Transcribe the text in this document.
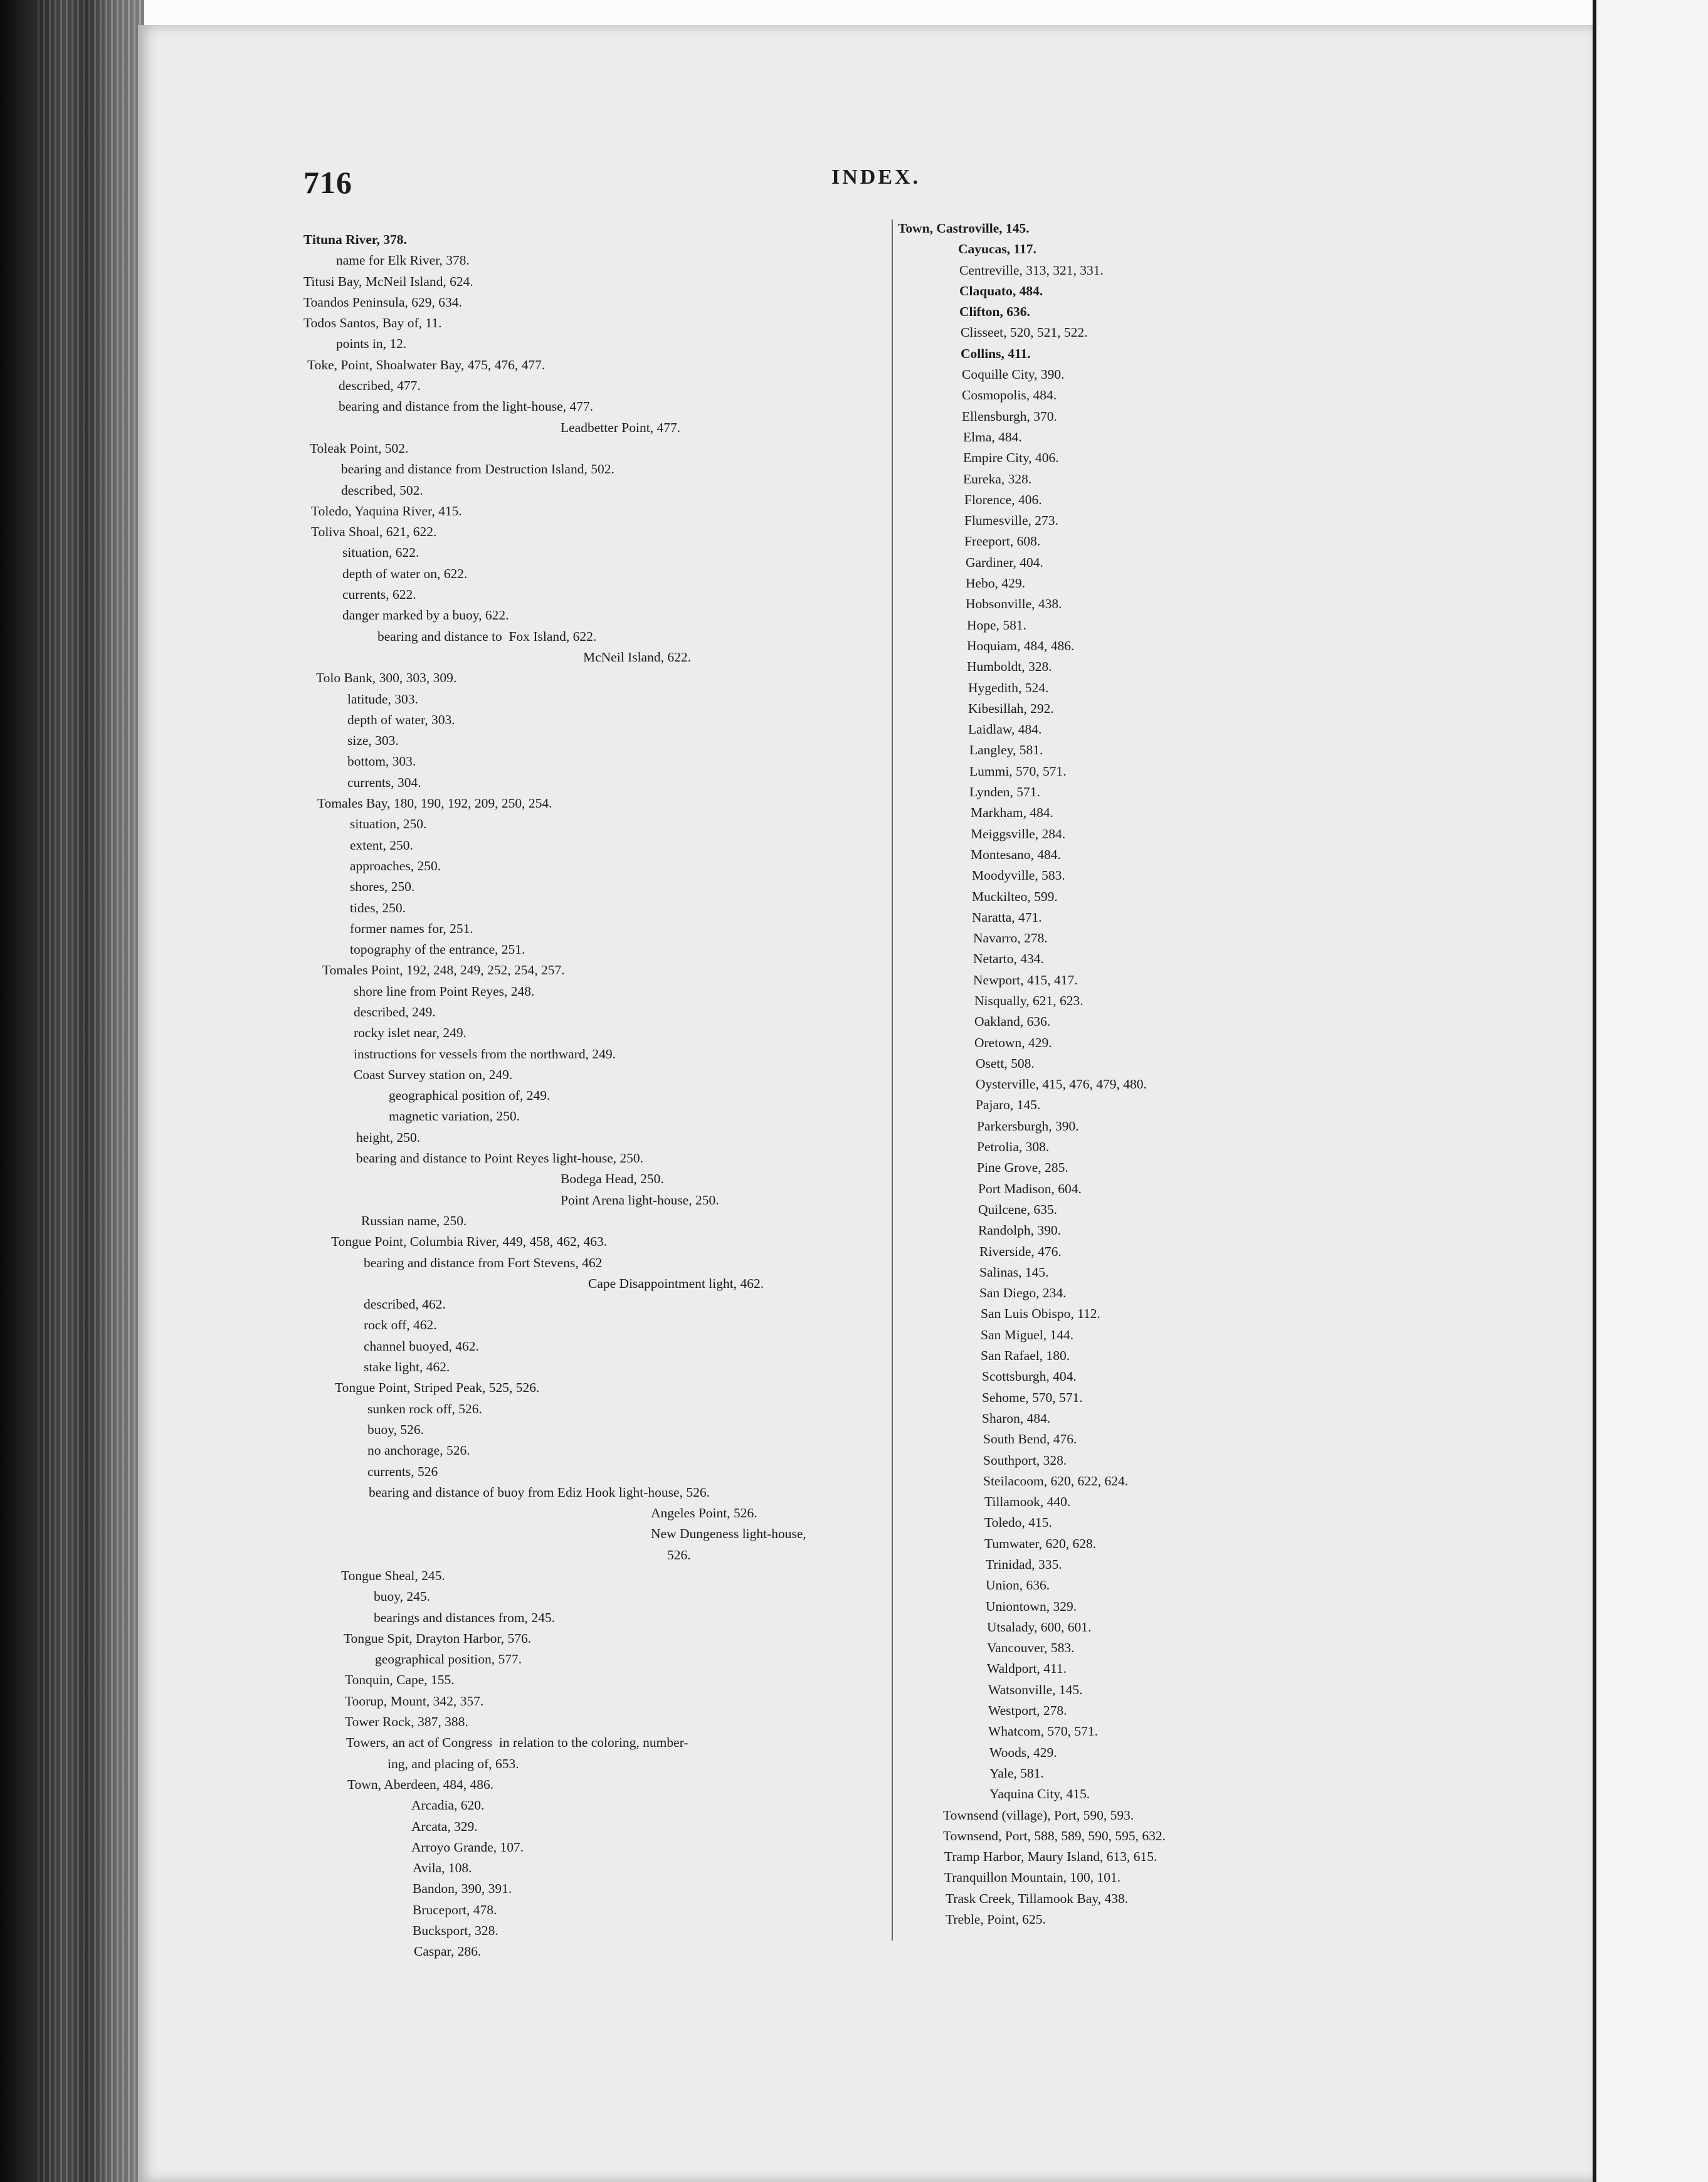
716	INDEX.
Tituna River, 378.
name for Elk River, 378.
Titusi Bay, McNeil Island, 624.
Toandos Peninsula, 629, 634.
Todos Santos, Bay of, 11.
points in, 12.
Toke, Point, Shoalwater Bay, 475, 476, 477.
described, 477.
bearing and distance from the light-house, 477.
Leadbetter Point, 477.
Toleak Point, 502.
bearing and distance from Destruction Island, 502.
described, 502.
Toledo, Yaquina River, 415.
Toliva Shoal, 621, 622.
situation, 622.
depth of water on, 622.
currents, 622.
danger marked by a buoy, 622.
bearing and distance to  Fox Island, 622.
McNeil Island, 622.
Tolo Bank, 300, 303, 309.
latitude, 303.
depth of water, 303.
size, 303.
bottom, 303.
currents, 304.
Tomales Bay, 180, 190, 192, 209, 250, 254.
situation, 250.
extent, 250.
approaches, 250.
shores, 250.
tides, 250.
former names for, 251.
topography of the entrance, 251.
Tomales Point, 192, 248, 249, 252, 254, 257.
shore line from Point Reyes, 248.
described, 249.
rocky islet near, 249.
instructions for vessels from the northward, 249.
Coast Survey station on, 249.
geographical position of, 249.
magnetic variation, 250.
height, 250.
bearing and distance to Point Reyes light-house, 250.
Bodega Head, 250.
Point Arena light-house, 250.
Russian name, 250.
Tongue Point, Columbia River, 449, 458, 462, 463.
bearing and distance from Fort Stevens, 462
Cape Disappointment light, 462.
described, 462.
rock off, 462.
channel buoyed, 462.
stake light, 462.
Tongue Point, Striped Peak, 525, 526.
sunken rock off, 526.
buoy, 526.
no anchorage, 526.
currents, 526
bearing and distance of buoy from Ediz Hook light-house, 526.
Angeles Point, 526.
New Dungeness light-house,
526.
Tongue Sheal, 245.
buoy, 245.
bearings and distances from, 245.
Tongue Spit, Drayton Harbor, 576.
geographical position, 577.
Tonquin, Cape, 155.
Toorup, Mount, 342, 357.
Tower Rock, 387, 388.
Towers, an act of Congress  in relation to the coloring, number-
ing, and placing of, 653.
Town, Aberdeen, 484, 486.
Arcadia, 620.
Arcata, 329.
Arroyo Grande, 107.
Avila, 108.
Bandon, 390, 391.
Bruceport, 478.
Bucksport, 328.
Caspar, 286.
Town, Castroville, 145.
Cayucas, 117.
Centreville, 313, 321, 331.
Claquato, 484.
Clifton, 636.
Clisseet, 520, 521, 522.
Collins, 411.
Coquille City, 390.
Cosmopolis, 484.
Ellensburgh, 370.
Elma, 484.
Empire City, 406.
Eureka, 328.
Florence, 406.
Flumesville, 273.
Freeport, 608.
Gardiner, 404.
Hebo, 429.
Hobsonville, 438.
Hope, 581.
Hoquiam, 484, 486.
Humboldt, 328.
Hygedith, 524.
Kibesillah, 292.
Laidlaw, 484.
Langley, 581.
Lummi, 570, 571.
Lynden, 571.
Markham, 484.
Meiggsville, 284.
Montesano, 484.
Moodyville, 583.
Muckilteo, 599.
Naratta, 471.
Navarro, 278.
Netarto, 434.
Newport, 415, 417.
Nisqually, 621, 623.
Oakland, 636.
Oretown, 429.
Osett, 508.
Oysterville, 415, 476, 479, 480.
Pajaro, 145.
Parkersburgh, 390.
Petrolia, 308.
Pine Grove, 285.
Port Madison, 604.
Quilcene, 635.
Randolph, 390.
Riverside, 476.
Salinas, 145.
San Diego, 234.
San Luis Obispo, 112.
San Miguel, 144.
San Rafael, 180.
Scottsburgh, 404.
Sehome, 570, 571.
Sharon, 484.
South Bend, 476.
Southport, 328.
Steilacoom, 620, 622, 624.
Tillamook, 440.
Toledo, 415.
Tumwater, 620, 628.
Trinidad, 335.
Union, 636.
Uniontown, 329.
Utsalady, 600, 601.
Vancouver, 583.
Waldport, 411.
Watsonville, 145.
Westport, 278.
Whatcom, 570, 571.
Woods, 429.
Yale, 581.
Yaquina City, 415.
Townsend (village), Port, 590, 593.
Townsend, Port, 588, 589, 590, 595, 632.
Tramp Harbor, Maury Island, 613, 615.
Tranquillon Mountain, 100, 101.
Trask Creek, Tillamook Bay, 438.
Treble, Point, 625.
